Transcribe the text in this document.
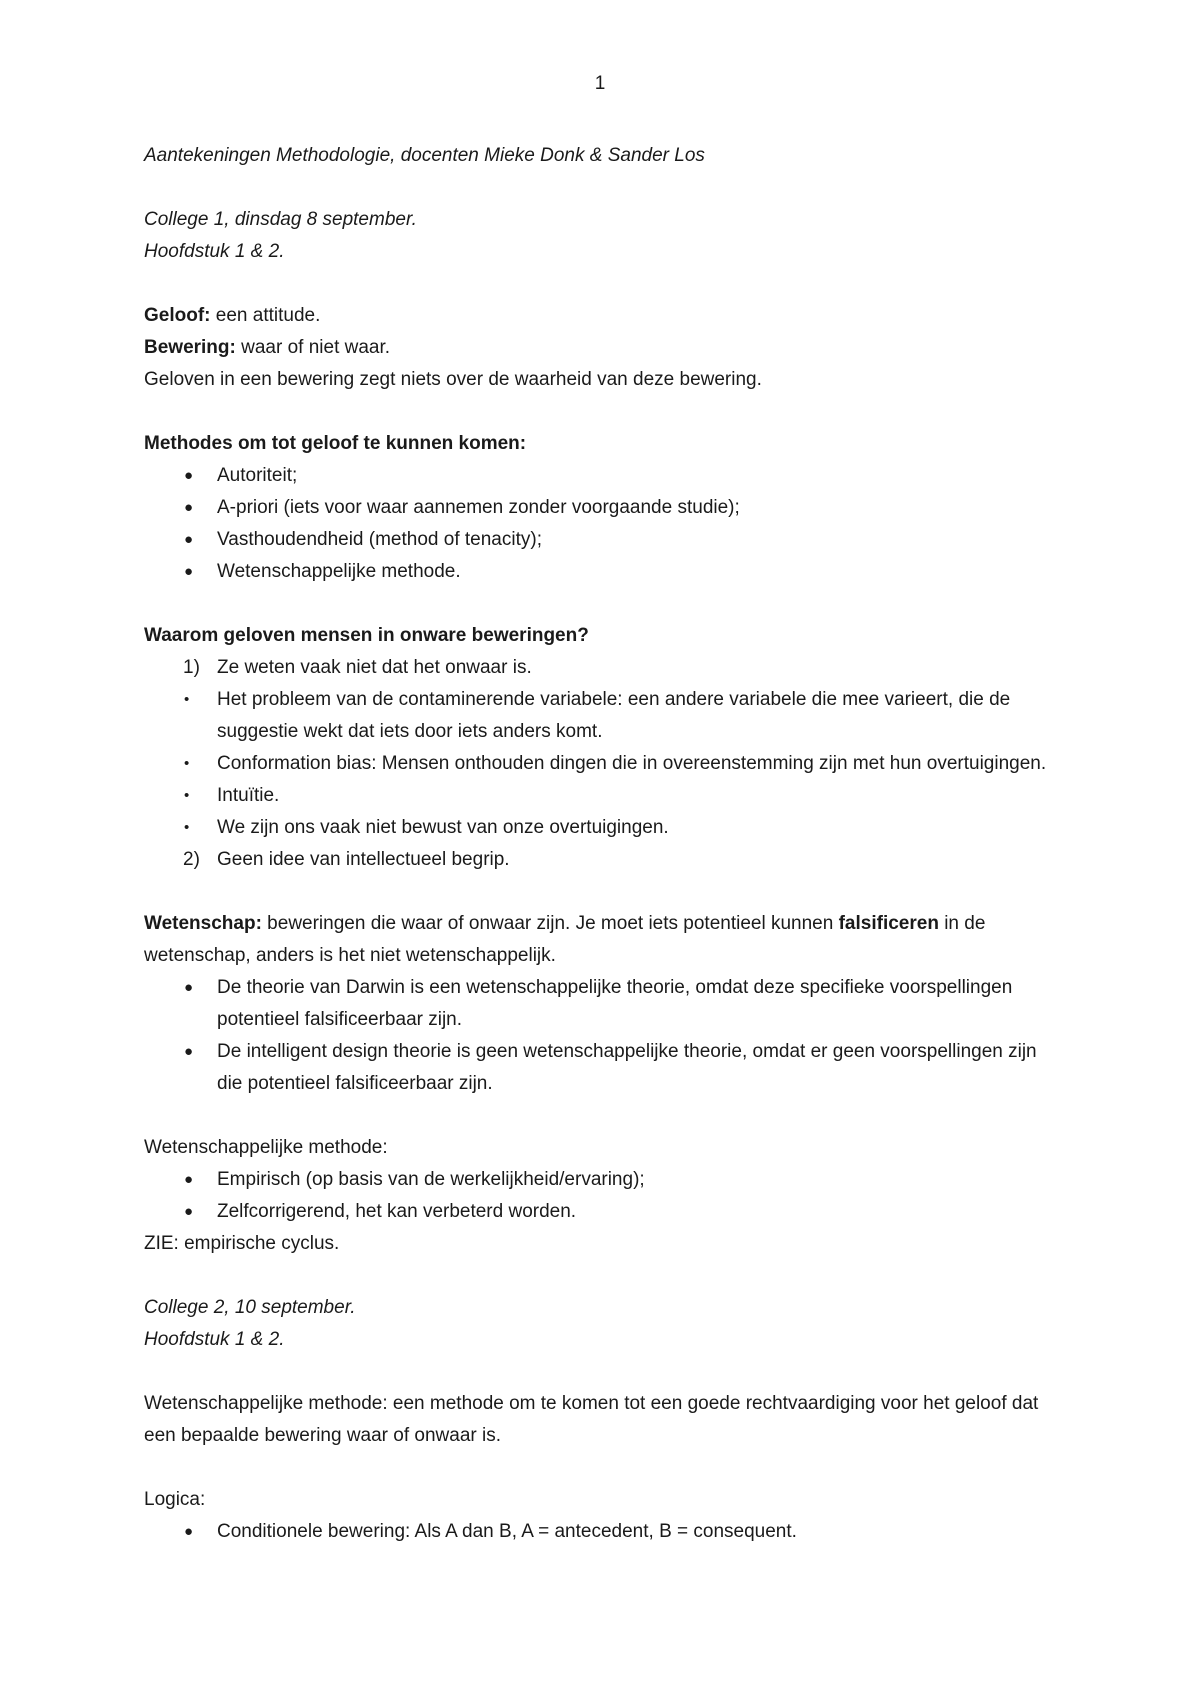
1

Aantekeningen Methodologie, docenten Mieke Donk & Sander Los

College 1, dinsdag 8 september.

Hoofdstuk 1 & 2.

Geloof: een attitude.

Bewering: waar of niet waar.

Geloven in een bewering zegt niets over de waarheid van deze bewering.

Methodes om tot geloof te kunnen komen:

● Autoriteit;
● A-priori (iets voor waar aannemen zonder voorgaande studie);
● Vasthoudendheid (method of tenacity);
● Wetenschappelijke methode.

Waarom geloven mensen in onware beweringen?

1) Ze weten vaak niet dat het onwaar is.
• Het probleem van de contaminerende variabele: een andere variabele die mee varieert, die de suggestie wekt dat iets door iets anders komt.
• Conformation bias: Mensen onthouden dingen die in overeenstemming zijn met hun overtuigingen.
• Intuïtie.
• We zijn ons vaak niet bewust van onze overtuigingen.
2) Geen idee van intellectueel begrip.

Wetenschap: beweringen die waar of onwaar zijn. Je moet iets potentieel kunnen falsificeren in de wetenschap, anders is het niet wetenschappelijk.

● De theorie van Darwin is een wetenschappelijke theorie, omdat deze specifieke voorspellingen potentieel falsificeerbaar zijn.
● De intelligent design theorie is geen wetenschappelijke theorie, omdat er geen voorspellingen zijn die potentieel falsificeerbaar zijn.

Wetenschappelijke methode:

● Empirisch (op basis van de werkelijkheid/ervaring);
● Zelfcorrigerend, het kan verbeterd worden.

ZIE: empirische cyclus.

College 2, 10 september.

Hoofdstuk 1 & 2.

Wetenschappelijke methode: een methode om te komen tot een goede rechtvaardiging voor het geloof dat een bepaalde bewering waar of onwaar is.

Logica:

● Conditionele bewering: Als A dan B, A = antecedent, B = consequent.
